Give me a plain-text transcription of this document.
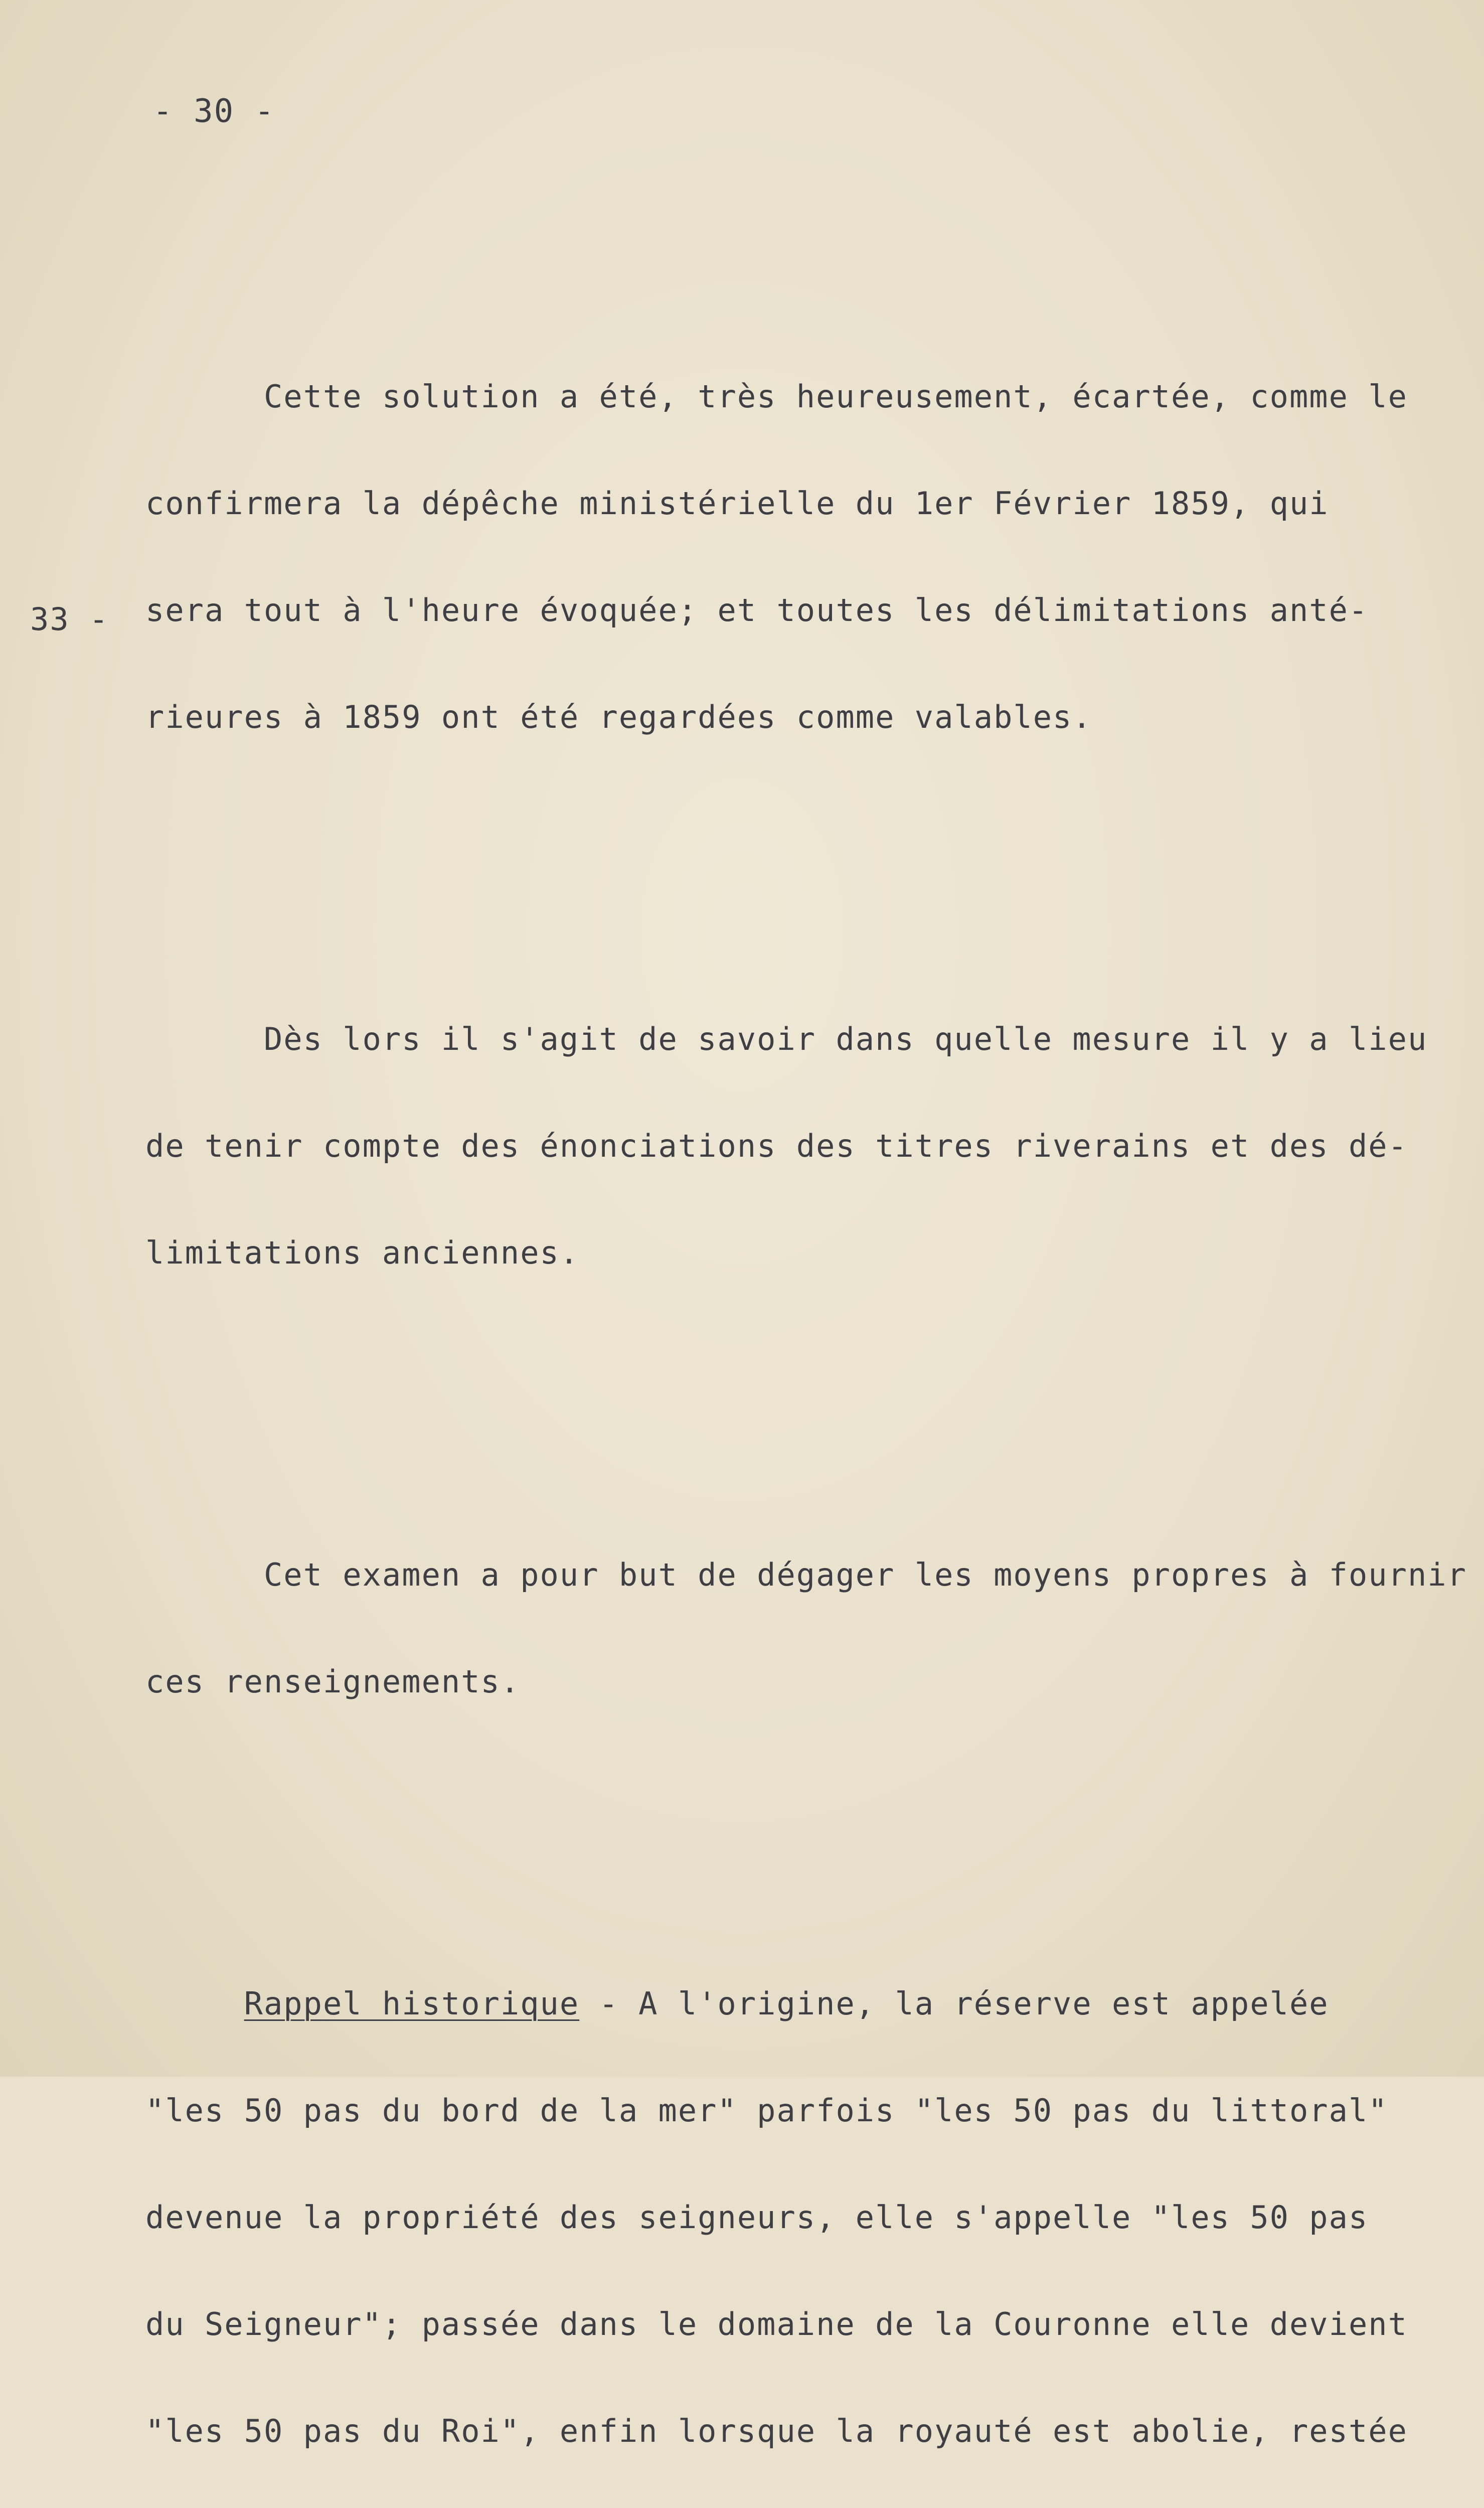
- 30 -
33 -

Cette solution a été, très heureusement, écartée, comme le

confirmera la dépêche ministérielle du 1er Février 1859, qui

sera tout à l'heure évoquée; et toutes les délimitations anté-

rieures à 1859 ont été regardées comme valables.

Dès lors il s'agit de savoir dans quelle mesure il y a lieu

de tenir compte des énonciations des titres riverains et des dé-

limitations anciennes.

Cet examen a pour but de dégager les moyens propres à fournir

ces renseignements.

Rappel historique - A l'origine, la réserve est appelée

"les 50 pas du bord de la mer" parfois "les 50 pas du littoral"

devenue la propriété des seigneurs, elle s'appelle "les 50 pas

du Seigneur"; passée dans le domaine de la Couronne elle devient

"les 50 pas du Roi", enfin lorsque la royauté est abolie, restée
